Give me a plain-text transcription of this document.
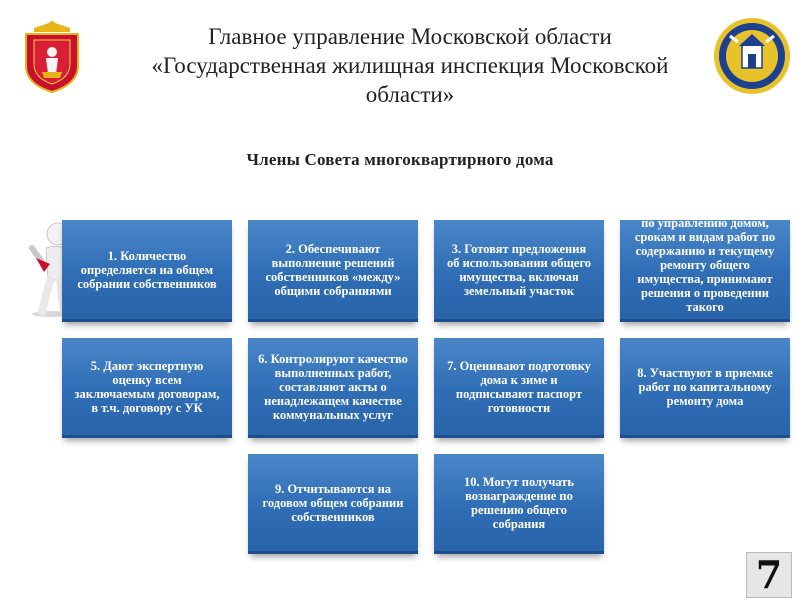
Главное управление Московской области
«Государственная жилищная инспекция Московской
области»
Члены Совета многоквартирного дома
1. Количество определяется на общем собрании собственников
2. Обеспечивают выполнение решений собственников «между» общими собраниями
3. Готовят предложения об использовании общего имущества, включая земельный участок
4. Готовят предложения по управлению домом, срокам и видам работ по содержанию и текущему ремонту общего имущества, принимают решения о проведении такого
5. Дают экспертную оценку всем заключаемым договорам, в т.ч. договору с УК
6. Контролируют качество выполненных работ, составляют акты о ненадлежащем качестве коммунальных услуг
7. Оценивают подготовку дома к зиме и подписывают паспорт готовности
8. Участвуют в приемке работ по капитальному ремонту дома
9. Отчитываются на годовом общем собрании собственников
10. Могут получать вознаграждение по решению общего собрания
7
